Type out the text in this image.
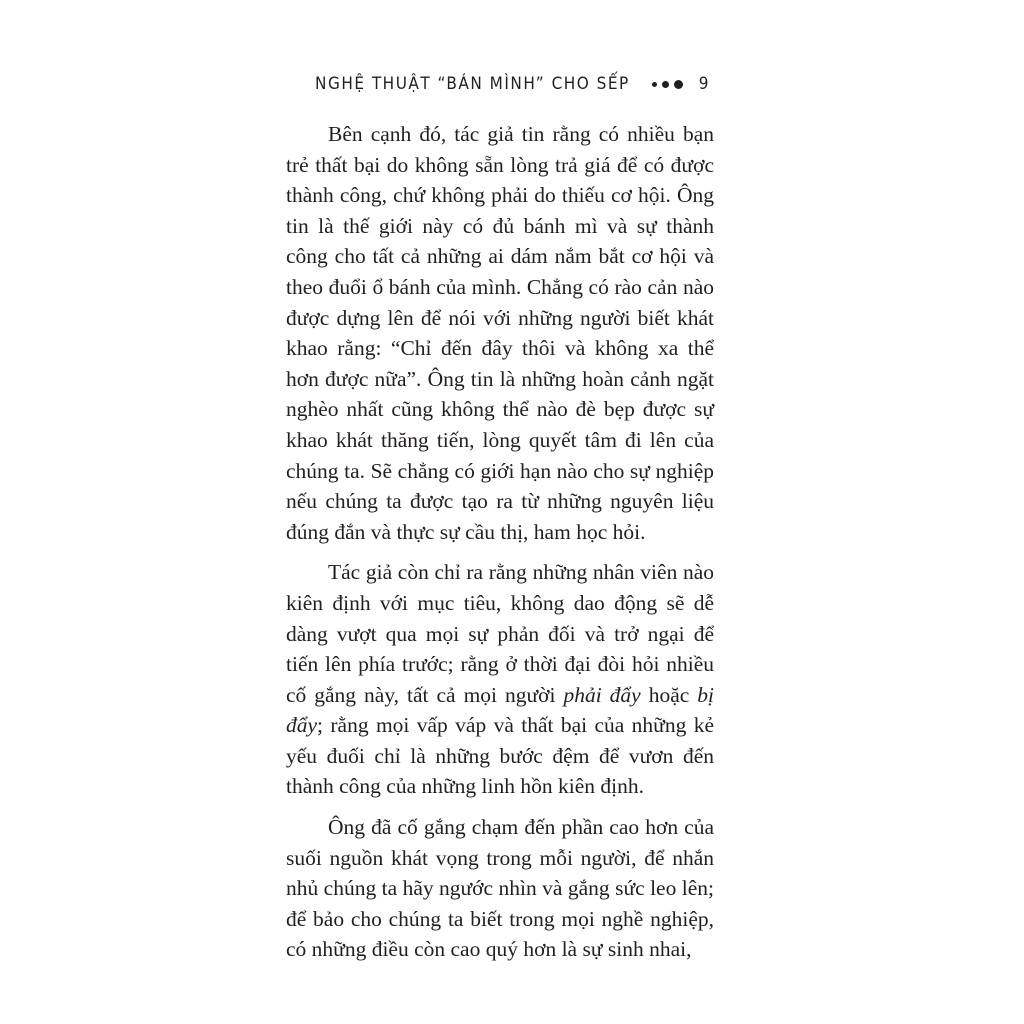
NGHỆ THUẬT “BÁN MÌNH” CHO SẾP	9

Bên cạnh đó, tác giả tin rằng có nhiều bạn trẻ thất bại do không sẵn lòng trả giá để có được thành công, chứ không phải do thiếu cơ hội. Ông tin là thế giới này có đủ bánh mì và sự thành công cho tất cả những ai dám nắm bắt cơ hội và theo đuổi ổ bánh của mình. Chẳng có rào cản nào được dựng lên để nói với những người biết khát khao rằng: “Chỉ đến đây thôi và không xa thể hơn được nữa”. Ông tin là những hoàn cảnh ngặt nghèo nhất cũng không thể nào đè bẹp được sự khao khát thăng tiến, lòng quyết tâm đi lên của chúng ta. Sẽ chẳng có giới hạn nào cho sự nghiệp nếu chúng ta được tạo ra từ những nguyên liệu đúng đắn và thực sự cầu thị, ham học hỏi.

Tác giả còn chỉ ra rằng những nhân viên nào kiên định với mục tiêu, không dao động sẽ dễ dàng vượt qua mọi sự phản đối và trở ngại để tiến lên phía trước; rằng ở thời đại đòi hỏi nhiều cố gắng này, tất cả mọi người phải đẩy hoặc bị đẩy; rằng mọi vấp váp và thất bại của những kẻ yếu đuối chỉ là những bước đệm để vươn đến thành công của những linh hồn kiên định.

Ông đã cố gắng chạm đến phần cao hơn của suối nguồn khát vọng trong mỗi người, để nhắn nhủ chúng ta hãy ngước nhìn và gắng sức leo lên; để bảo cho chúng ta biết trong mọi nghề nghiệp, có những điều còn cao quý hơn là sự sinh nhai,
